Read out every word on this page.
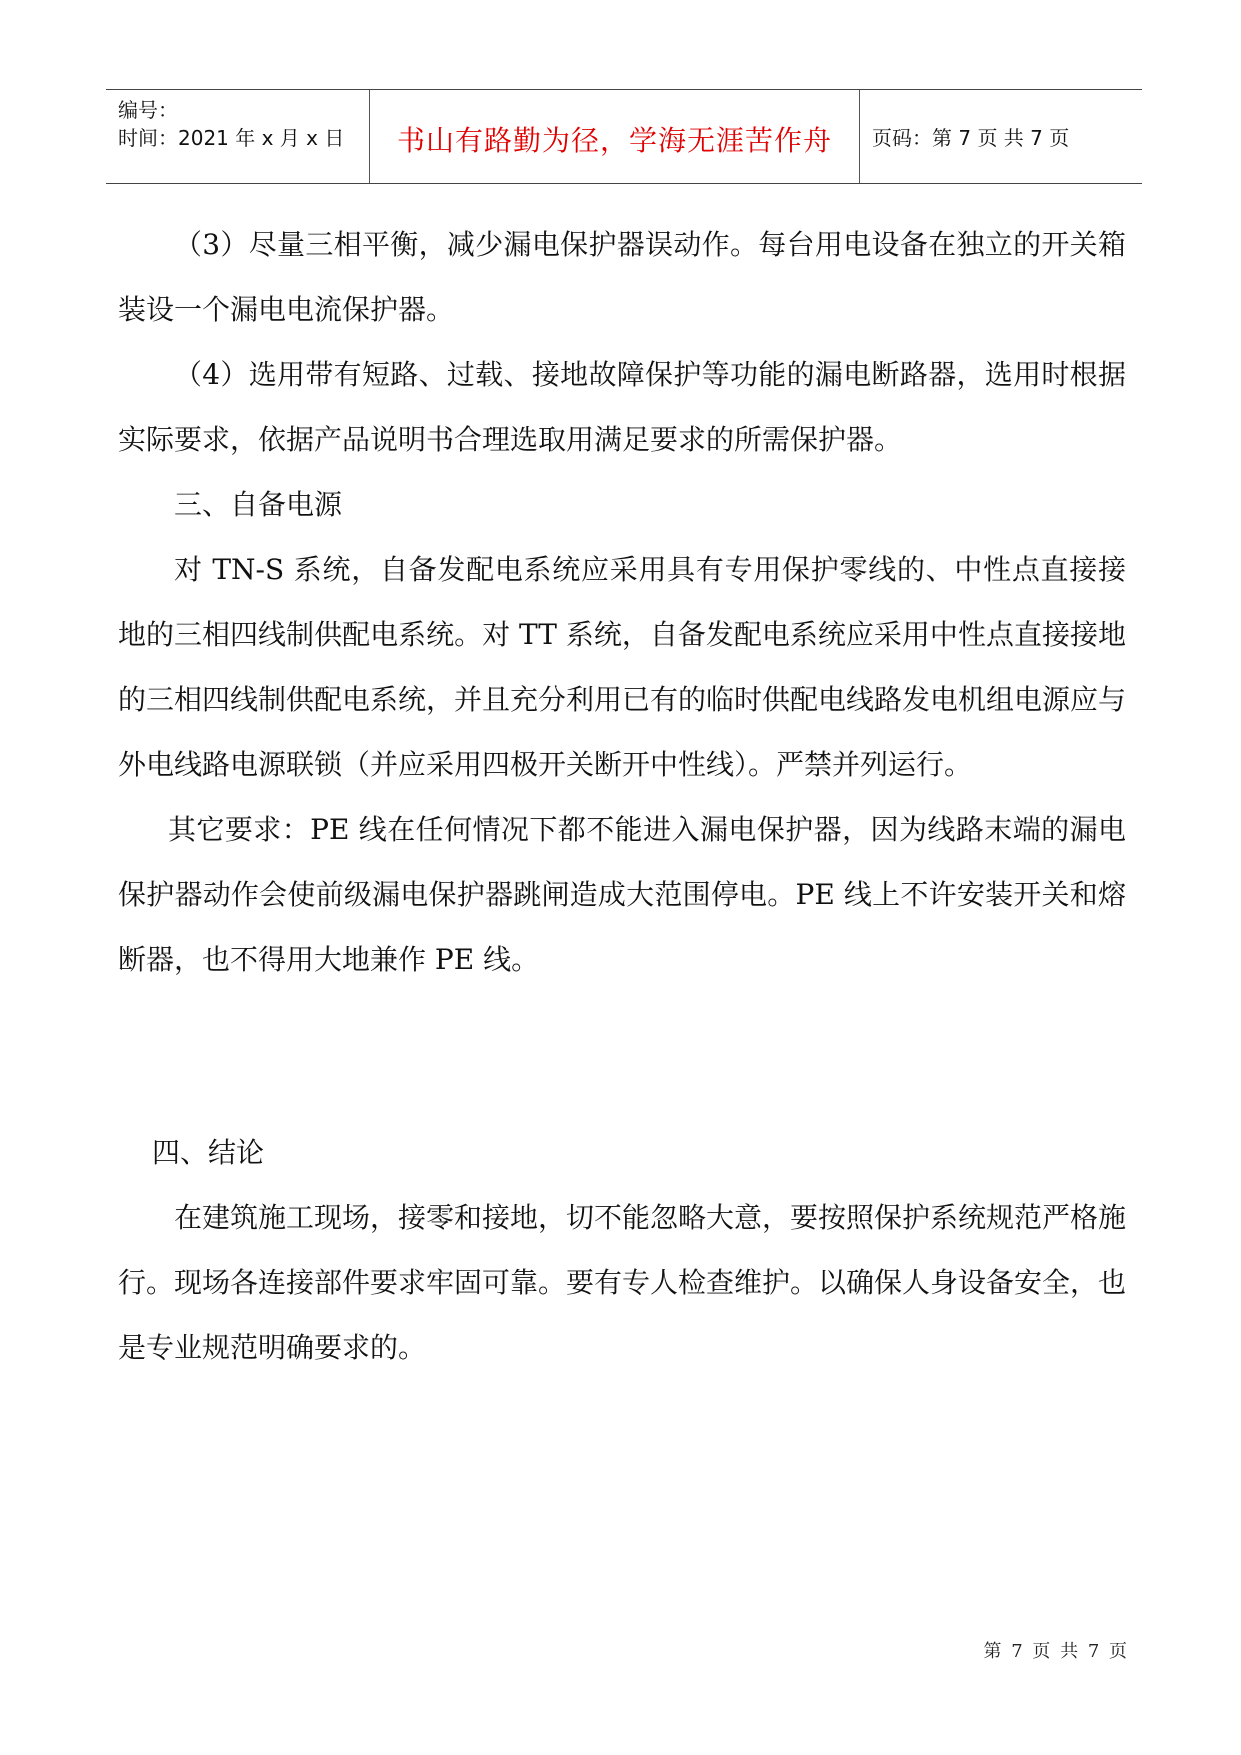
编号：
时间：2021 年 x 月 x 日 书山有路勤为径，学海无涯苦作舟 页码：第 7 页 共 7 页

（3）尽量三相平衡，减少漏电保护器误动作。每台用电设备在独立的开关箱装设一个漏电电流保护器。

（4）选用带有短路、过载、接地故障保护等功能的漏电断路器，选用时根据实际要求，依据产品说明书合理选取用满足要求的所需保护器。

三、自备电源

对 TN-S 系统，自备发配电系统应采用具有专用保护零线的、中性点直接接地的三相四线制供配电系统。对 TT 系统，自备发配电系统应采用中性点直接接地的三相四线制供配电系统，并且充分利用已有的临时供配电线路发电机组电源应与外电线路电源联锁（并应采用四极开关断开中性线）。严禁并列运行。

其它要求：PE 线在任何情况下都不能进入漏电保护器，因为线路末端的漏电保护器动作会使前级漏电保护器跳闸造成大范围停电。PE 线上不许安装开关和熔断器，也不得用大地兼作 PE 线。

四、结论

在建筑施工现场，接零和接地，切不能忽略大意，要按照保护系统规范严格施行。现场各连接部件要求牢固可靠。要有专人检查维护。以确保人身设备安全，也是专业规范明确要求的。

第 7 页 共 7 页
